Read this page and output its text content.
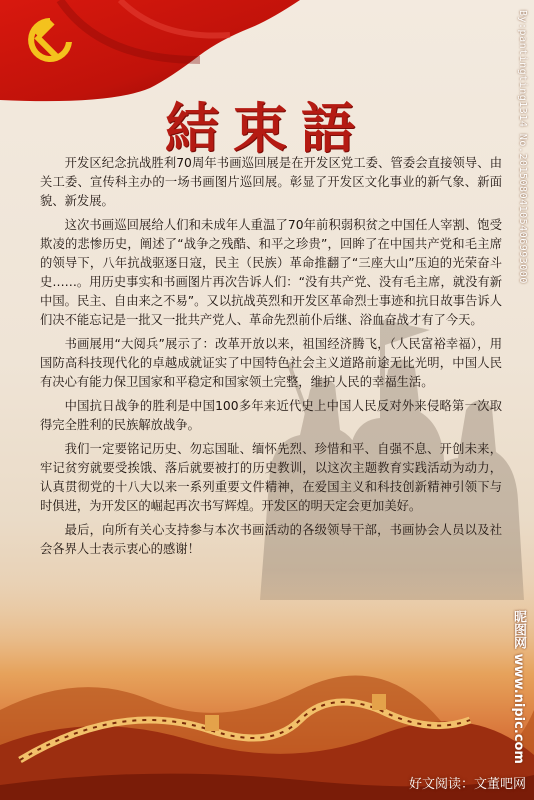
結束語

开发区纪念抗战胜利70周年书画巡回展是在开发区党工委、管委会直接领导、由关工委、宣传科主办的一场书画图片巡回展。彰显了开发区文化事业的新气象、新面貌、新发展。

这次书画巡回展给人们和未成年人重温了70年前积弱积贫之中国任人宰割、饱受欺凌的悲惨历史，阐述了“战争之残酷、和平之珍贵”，回眸了在中国共产党和毛主席的领导下，八年抗战驱逐日寇，民主（民族）革命推翻了“三座大山”压迫的光荣奋斗史……。用历史事实和书画图片再次告诉人们：“没有共产党、没有毛主席，就没有新中国。民主、自由来之不易”。又以抗战英烈和开发区革命烈士事迹和抗日故事告诉人们决不能忘记是一批又一批共产党人、革命先烈前仆后继、浴血奋战才有了今天。

书画展用“大阅兵”展示了：改革开放以来，祖国经济腾飞，（人民富裕幸福），用国防高科技现代化的卓越成就证实了中国特色社会主义道路前途无比光明，中国人民有决心有能力保卫国家和平稳定和国家领土完整，维护人民的幸福生活。

中国抗日战争的胜利是中国100多年来近代史上中国人民反对外来侵略第一次取得完全胜利的民族解放战争。

我们一定要铭记历史、勿忘国耻、缅怀先烈、珍惜和平、自强不息、开创未来，牢记贫穷就要受挨饿、落后就要被打的历史教训，以这次主题教育实践活动为动力，认真贯彻党的十八大以来一系列重要文件精神，在爱国主义和科技创新精神引领下与时俱进，为开发区的崛起再次书写辉煌。开发区的明天定会更加美好。

最后，向所有关心支持参与本次书画活动的各级领导干部，书画协会人员以及社会各界人士表示衷心的感谢！

By:pantingting1314 No.20150804105406993000
昵图网 www.nipic.com
好文阅读：文董吧网
